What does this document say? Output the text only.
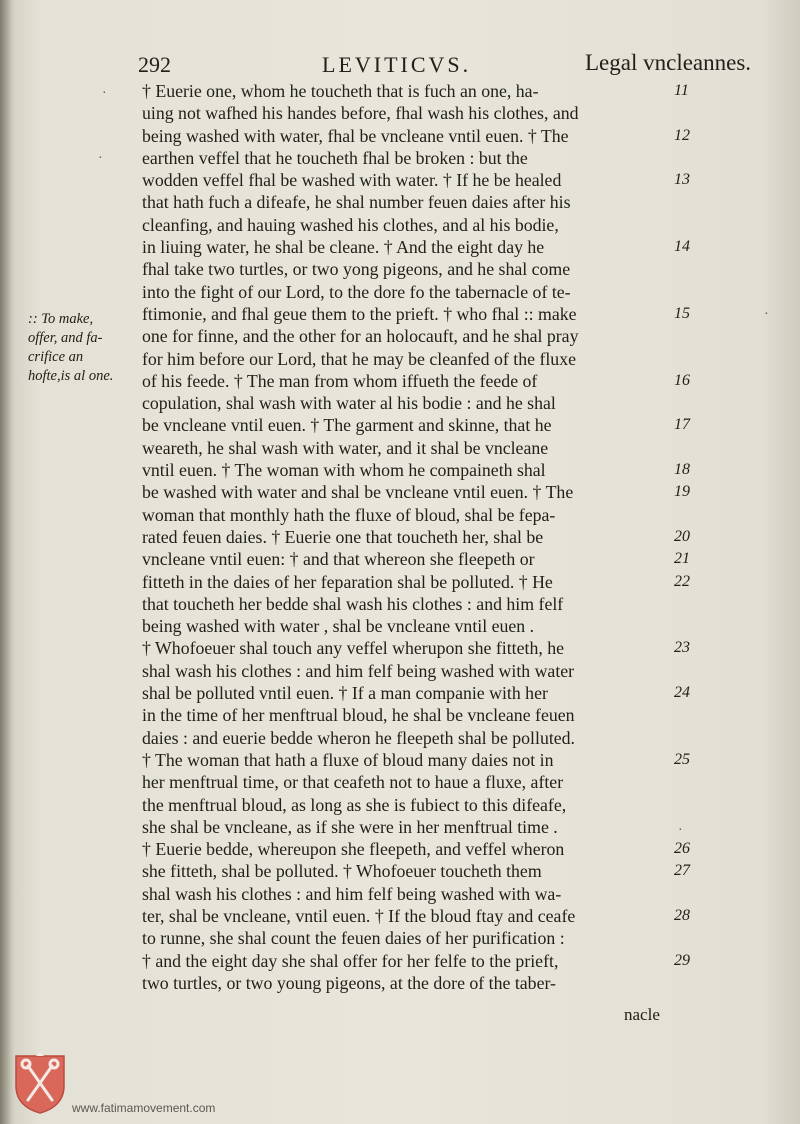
292	LEVITICVS.	Legal vncleannes.
·
·
·
·
:: To make,
offer, and fa-
crifice an
hofte,is al one.
† Euerie one, whom he toucheth that is fuch an one, ha-	11
uing not wafhed his handes before, fhal wash his clothes, and
being washed with water, fhal be vncleane vntil euen. † The	12
earthen veffel that he toucheth fhal be broken : but the
wodden veffel fhal be washed with water. † If he be healed	13
that hath fuch a difeafe, he shal number feuen daies after his
cleanfing, and hauing washed his clothes, and al his bodie,
in liuing water, he shal be cleane. † And the eight day he	14
fhal take two turtles, or two yong pigeons, and he shal come
into the fight of our Lord, to the dore fo the tabernacle of te-
ftimonie, and fhal geue them to the prieft. † who fhal :: make	15
one for finne, and the other for an holocauft, and he shal pray
for him before our Lord, that he may be cleanfed of the fluxe
of his feede. † The man from whom iffueth the feede of	16
copulation, shal wash with water al his bodie : and he shal
be vncleane vntil euen. † The garment and skinne, that he	17
weareth, he shal wash with water, and it shal be vncleane
vntil euen. † The woman with whom he compaineth shal	18
be washed with water and shal be vncleane vntil euen. † The	19
woman that monthly hath the fluxe of bloud, shal be fepa-
rated feuen daies. † Euerie one that toucheth her, shal be	20
vncleane vntil euen: † and that whereon she fleepeth or	21
fitteth in the daies of her feparation shal be polluted. † He	22
that toucheth her bedde shal wash his clothes : and him felf
being washed with water , shal be vncleane vntil euen .
† Whofoeuer shal touch any veffel wherupon she fitteth, he	23
shal wash his clothes : and him felf being washed with water
shal be polluted vntil euen. † If a man companie with her	24
in the time of her menftrual bloud, he shal be vncleane feuen
daies : and euerie bedde wheron he fleepeth shal be polluted.
† The woman that hath a fluxe of bloud many daies not in	25
her menftrual time, or that ceafeth not to haue a fluxe, after
the menftrual bloud, as long as she is fubiect to this difeafe,
she shal be vncleane, as if she were in her menftrual time .
† Euerie bedde, whereupon she fleepeth, and veffel wheron	26
she fitteth, shal be polluted. † Whofoeuer toucheth them	27
shal wash his clothes : and him felf being washed with wa-
ter, shal be vncleane, vntil euen. † If the bloud ftay and ceafe	28
to runne, she shal count the feuen daies of her purification :
† and the eight day she shal offer for her felfe to the prieft,	29
two turtles, or two young pigeons, at the dore of the taber-
nacle
www.fatimamovement.com
